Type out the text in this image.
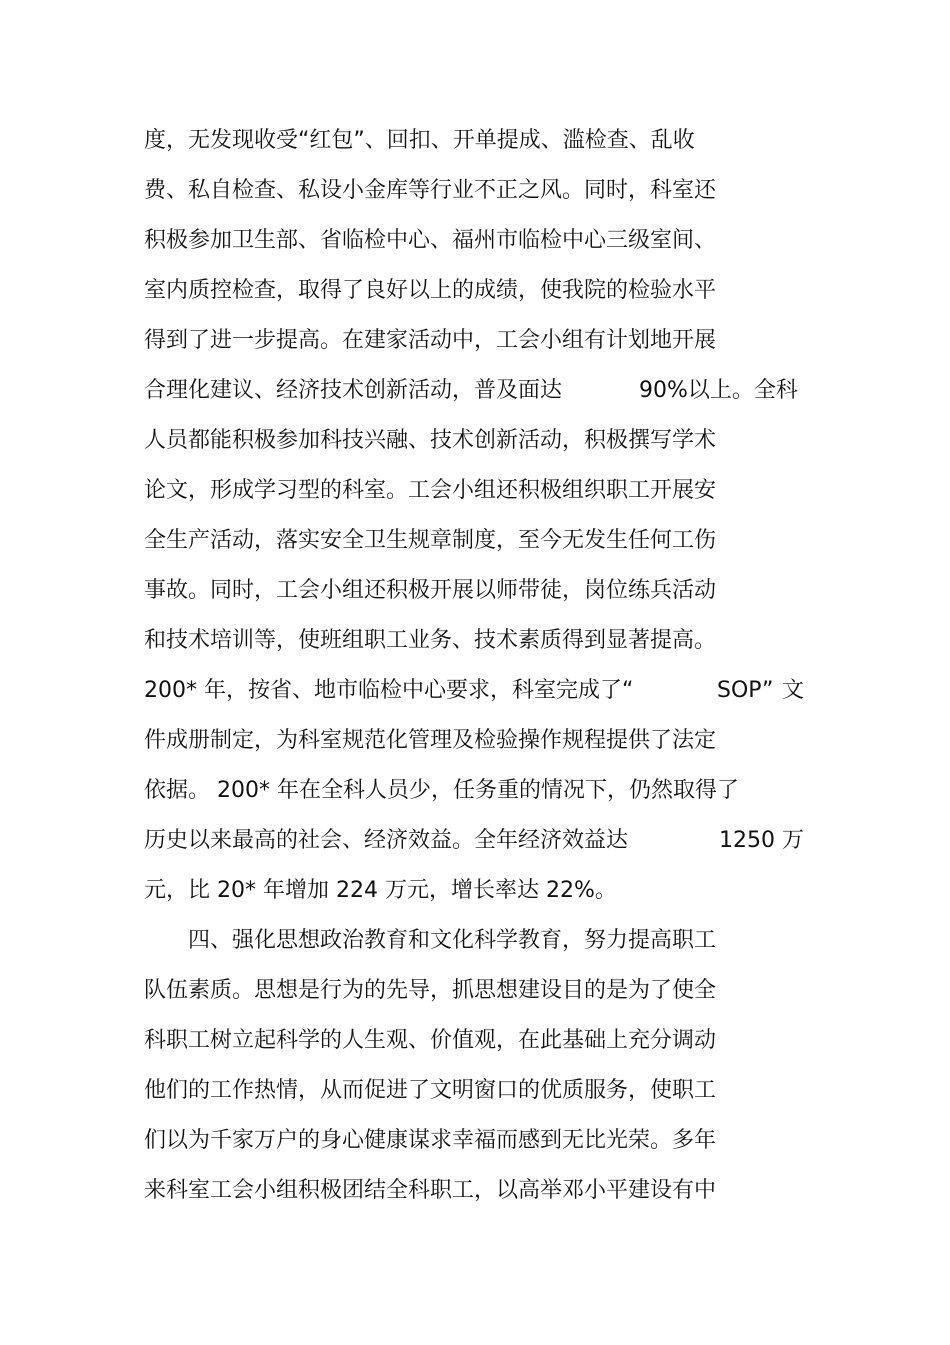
度，无发现收受“红包”、回扣、开单提成、滥检查、乱收
费、私自检查、私设小金库等行业不正之风。同时，科室还
积极参加卫生部、省临检中心、福州市临检中心三级室间、
室内质控检查，取得了良好以上的成绩，使我院的检验水平
得到了进一步提高。在建家活动中，工会小组有计划地开展
合理化建议、经济技术创新活动，普及面达	90%以上。全科
人员都能积极参加科技兴融、技术创新活动，积极撰写学术
论文，形成学习型的科室。工会小组还积极组织职工开展安
全生产活动，落实安全卫生规章制度，至今无发生任何工伤
事故。同时，工会小组还积极开展以师带徒，岗位练兵活动
和技术培训等，使班组职工业务、技术素质得到显著提高。
200* 年，按省、地市临检中心要求，科室完成了“	SOP” 文
件成册制定，为科室规范化管理及检验操作规程提供了法定
依据。 200* 年在全科人员少，任务重的情况下，仍然取得了
历史以来最高的社会、经济效益。全年经济效益达	1250 万
元，比 20* 年增加 224 万元，增长率达 22%。
四、强化思想政治教育和文化科学教育，努力提高职工
队伍素质。思想是行为的先导，抓思想建设目的是为了使全
科职工树立起科学的人生观、价值观，在此基础上充分调动
他们的工作热情，从而促进了文明窗口的优质服务，使职工
们以为千家万户的身心健康谋求幸福而感到无比光荣。多年
来科室工会小组积极团结全科职工，以高举邓小平建设有中
